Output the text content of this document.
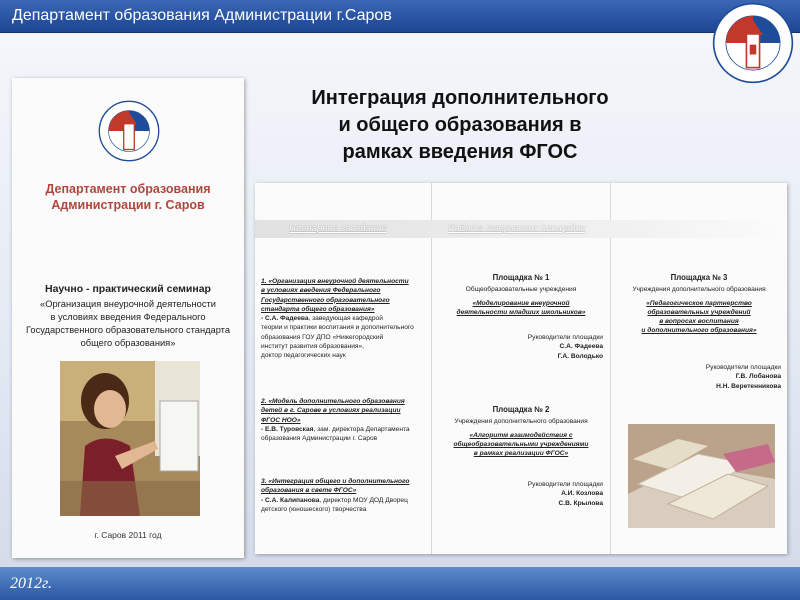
Департамент образования Администрации г.Саров
Департамент образования
Администрации г. Саров
Научно - практический семинар
«Организация внеурочной деятельности
в условиях введения Федерального
Государственного образовательного стандарта
общего образования»
г. Саров 2011 год
Интеграция дополнительного
и общего образования в
рамках введения ФГОС
Пленарное заседание	Работа творческих площадок
1. «Организация внеурочной деятельности
в условиях введения Федерального
Государственного образовательного
стандарта общего образования»
- С.А. Фадеева, заведующая кафедрой
теории и практики воспитания и дополнительного
образования ГОУ ДПО «Нижегородский
институт развития образования»,
доктор педагогических наук
2. «Модель дополнительного образования
детей в г. Сарове в условиях реализации
ФГОС НОО»
- Е.В. Туровская, зам. директора Департамента
образования Администрации г. Саров
3. «Интеграция общего и дополнительного
образования в свете ФГОС»
- С.А. Калипанова, директор МОУ ДОД Дворец
детского (юношеского) творчества
Площадка № 1
Общеобразовательные учреждения
«Моделирование внеурочной
деятельности младших школьников»
Руководители площадки
С.А. Фадеева
Г.А. Володько
Площадка № 2
Учреждения дополнительного образования
«Алгоритм взаимодействия с
общеобразовательными учреждениями
в рамках реализации ФГОС»
Руководители площадки
А.И. Козлова
С.В. Крылова
Площадка № 3
Учреждения дополнительного образования
«Педагогическое партнерство
образовательных учреждений
в вопросах воспитания
и дополнительного образования»
Руководители площадки
Г.В. Лобанова
Н.Н. Веретенникова
2012г.
